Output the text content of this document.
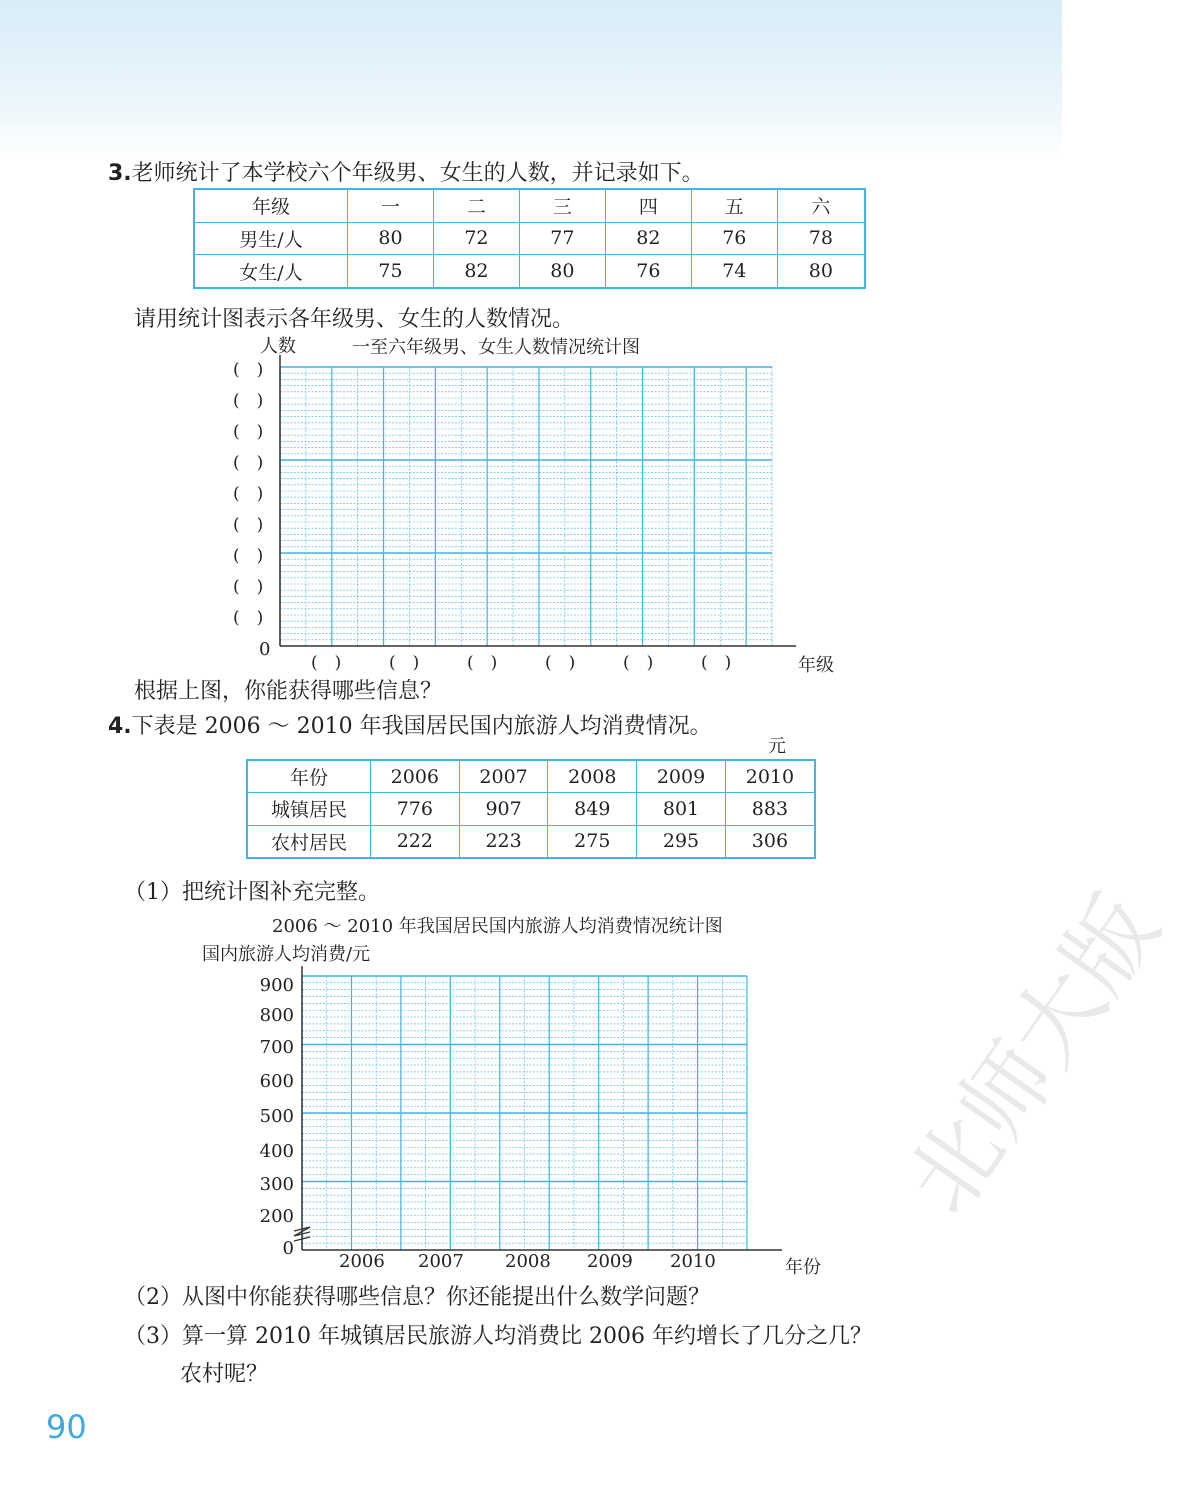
3.老师统计了本学校六个年级男、女生的人数，并记录如下。
年级	一	二	三	四	五	六
男生/人	80	72	77	82	76	78
女生/人	75	82	80	76	74	80
请用统计图表示各年级男、女生的人数情况。
人数	一至六年级男、女生人数情况统计图
(　)
(　)
(　)
(　)
(　)
(　)
(　)
(　)
(　)
0
(　)	(　)	(　)	(　)	(　)	(　)	年级
根据上图，你能获得哪些信息？
4.下表是 2006 ～ 2010 年我国居民国内旅游人均消费情况。
元
年份	2006	2007	2008	2009	2010
城镇居民	776	907	849	801	883
农村居民	222	223	275	295	306
（1）把统计图补充完整。
2006 ～ 2010 年我国居民国内旅游人均消费情况统计图
国内旅游人均消费/元
0
200
300
400
500
600
700
800
900
2006 2007 2008 2009 2010	年份
（2）从图中你能获得哪些信息？你还能提出什么数学问题？
（3）算一算 2010 年城镇居民旅游人均消费比 2006 年约增长了几分之几？
农村呢？
90
北师大版
